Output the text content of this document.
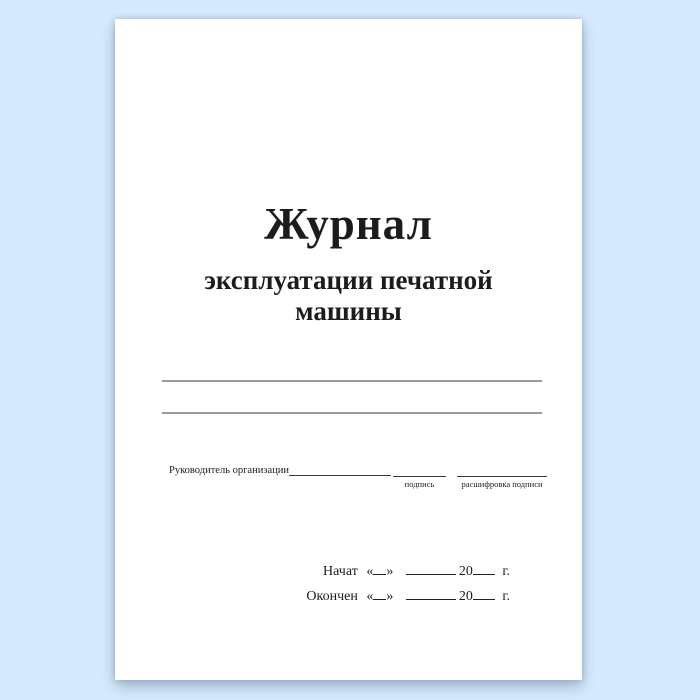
Журнал
эксплуатации печатной
машины
Руководитель организации
подпись	расшифровка подписи
Начат « »	20 г.
Окончен « »	20 г.
